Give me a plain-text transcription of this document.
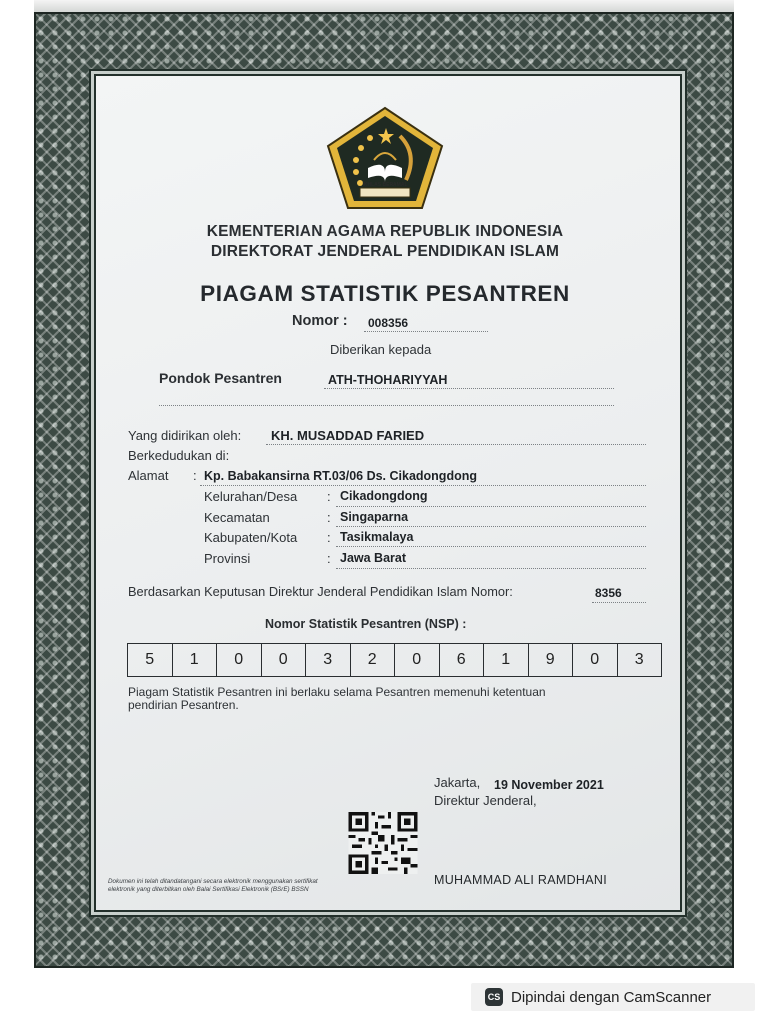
IKHLAS BERAMAL
KEMENTERIAN AGAMA REPUBLIK INDONESIA
DIREKTORAT JENDERAL PENDIDIKAN ISLAM
PIAGAM STATISTIK PESANTREN
Nomor : 008356
Diberikan kepada
Pondok Pesantren	ATH-THOHARIYYAH
Yang didirikan oleh: KH. MUSADDAD FARIED
Berkedudukan di:
Alamat : Kp. Babakansirna RT.03/06 Ds. Cikadongdong
Kelurahan/Desa : Cikadongdong
Kecamatan	: Singaparna
Kabupaten/Kota : Tasikmalaya
Provinsi	: Jawa Barat
Berdasarkan Keputusan Direktur Jenderal Pendidikan Islam Nomor:	8356
Nomor Statistik Pesantren (NSP) :
5	1	0	0	3	2	0	6	1	9	0	3
Piagam Statistik Pesantren ini berlaku selama Pesantren memenuhi ketentuan
pendirian Pesantren.
Jakarta, 19 November 2021
Direktur Jenderal,
Dokumen ini telah ditandatangani secara elektronik menggunakan sertifikat
elektronik yang diterbitkan oleh Balai Sertifikasi Elektronik (BSrE) BSSN
MUHAMMAD ALI RAMDHANI
CS Dipindai dengan CamScanner
